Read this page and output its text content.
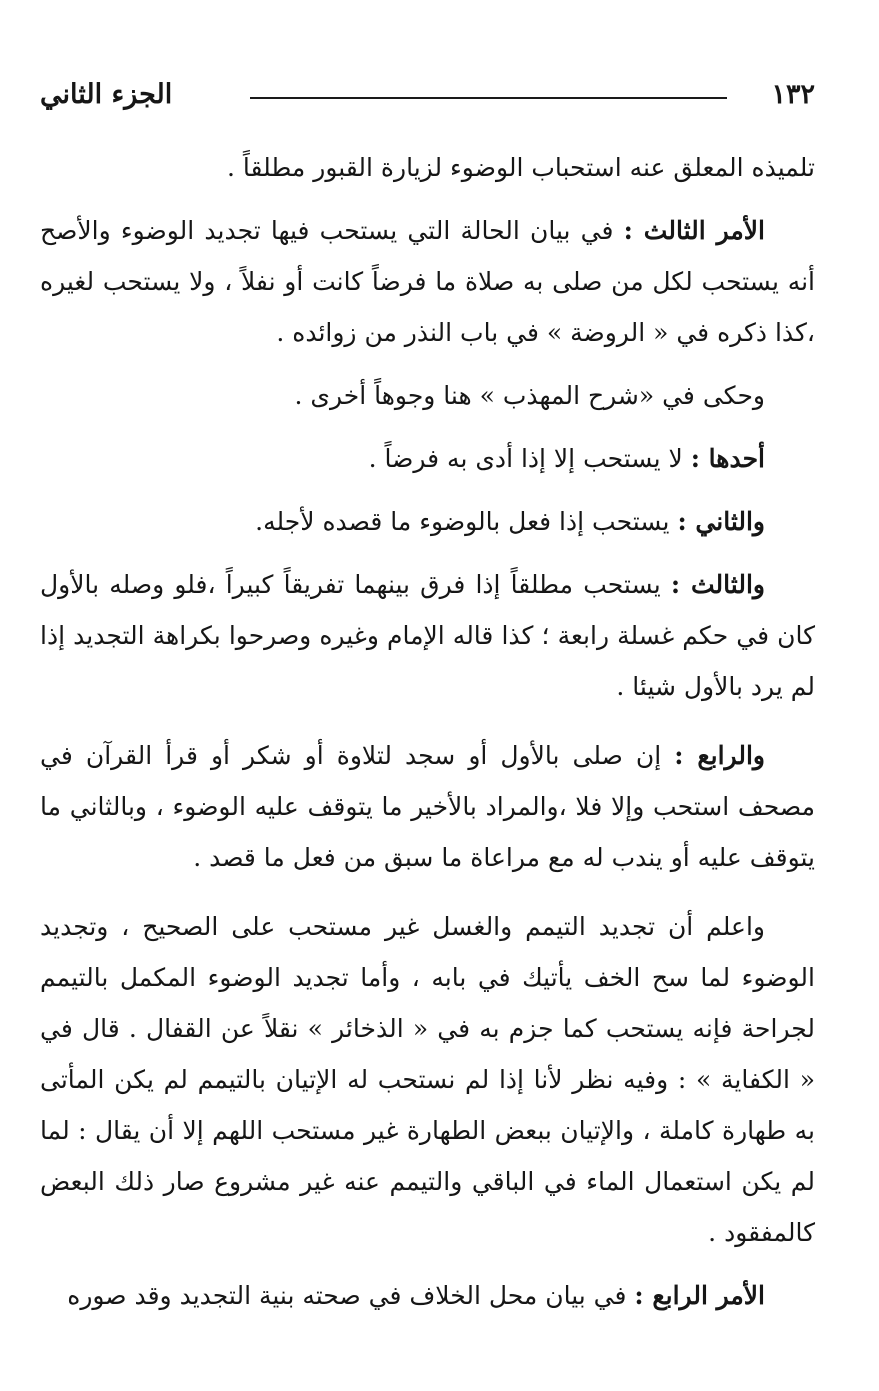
١٣٢
الجزء الثاني

تلميذه المعلق عنه استحباب الوضوء لزيارة القبور مطلقاً .

الأمر الثالث : في بيان الحالة التي يستحب فيها تجديد الوضوء والأصح أنه يستحب لكل من صلى به صلاة ما فرضاً كانت أو نفلاً ، ولا يستحب لغيره ،كذا ذكره في « الروضة » في باب النذر من زوائده .

وحكى في «شرح المهذب » هنا وجوهاً أخرى .

أحدها : لا يستحب إلا إذا أدى به فرضاً .

والثاني : يستحب إذا فعل بالوضوء ما قصده لأجله.

والثالث : يستحب مطلقاً إذا فرق بينهما تفريقاً كبيراً ،فلو وصله بالأول كان في حكم غسلة رابعة ؛ كذا قاله الإمام وغيره وصرحوا بكراهة التجديد إذا لم يرد بالأول شيئا .

والرابع : إن صلى بالأول أو سجد لتلاوة أو شكر أو قرأ القرآن في مصحف استحب وإلا فلا ،والمراد بالأخير ما يتوقف عليه الوضوء ، وبالثاني ما يتوقف عليه أو يندب له مع مراعاة ما سبق من فعل ما قصد .

واعلم أن تجديد التيمم والغسل غير مستحب على الصحيح ، وتجديد الوضوء لما سح الخف يأتيك في بابه ، وأما تجديد الوضوء المكمل بالتيمم لجراحة فإنه يستحب كما جزم به في « الذخائر » نقلاً عن القفال . قال في « الكفاية » : وفيه نظر لأنا إذا لم نستحب له الإتيان بالتيمم لم يكن المأتى به طهارة كاملة ، والإتيان ببعض الطهارة غير مستحب اللهم إلا أن يقال : لما لم يكن استعمال الماء في الباقي والتيمم عنه غير مشروع صار ذلك البعض كالمفقود .

الأمر الرابع : في بيان محل الخلاف في صحته بنية التجديد وقد صوره
